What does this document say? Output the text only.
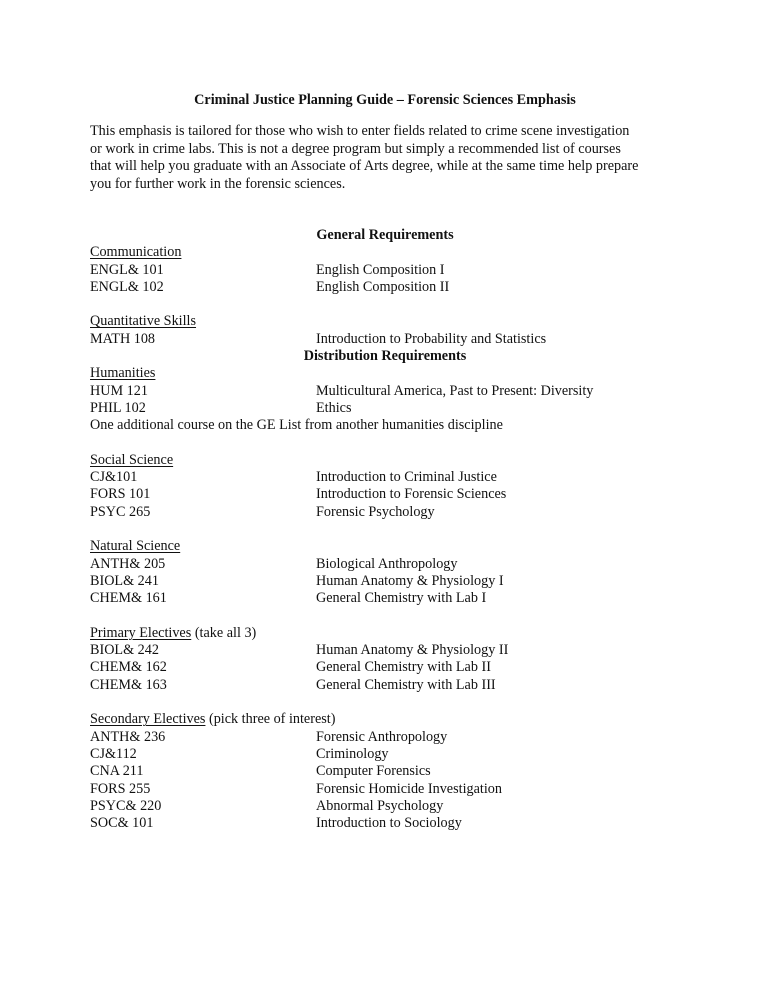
Criminal Justice Planning Guide – Forensic Sciences Emphasis
This emphasis is tailored for those who wish to enter fields related to crime scene investigation
or work in crime labs. This is not a degree program but simply a recommended list of courses
that will help you graduate with an Associate of Arts degree, while at the same time help prepare
you for further work in the forensic sciences.
General Requirements
Communication
ENGL& 101	English Composition I
ENGL& 102	English Composition II
Quantitative Skills
MATH 108	Introduction to Probability and Statistics
Distribution Requirements
Humanities
HUM 121	Multicultural America, Past to Present: Diversity
PHIL 102	Ethics
One additional course on the GE List from another humanities discipline
Social Science
CJ&101	Introduction to Criminal Justice
FORS 101	Introduction to Forensic Sciences
PSYC 265	Forensic Psychology
Natural Science
ANTH& 205	Biological Anthropology
BIOL& 241	Human Anatomy & Physiology I
CHEM& 161	General Chemistry with Lab I
Primary Electives (take all 3)
BIOL& 242	Human Anatomy & Physiology II
CHEM& 162	General Chemistry with Lab II
CHEM& 163	General Chemistry with Lab III
Secondary Electives (pick three of interest)
ANTH& 236	Forensic Anthropology
CJ&112	Criminology
CNA 211	Computer Forensics
FORS 255	Forensic Homicide Investigation
PSYC& 220	Abnormal Psychology
SOC& 101	Introduction to Sociology
